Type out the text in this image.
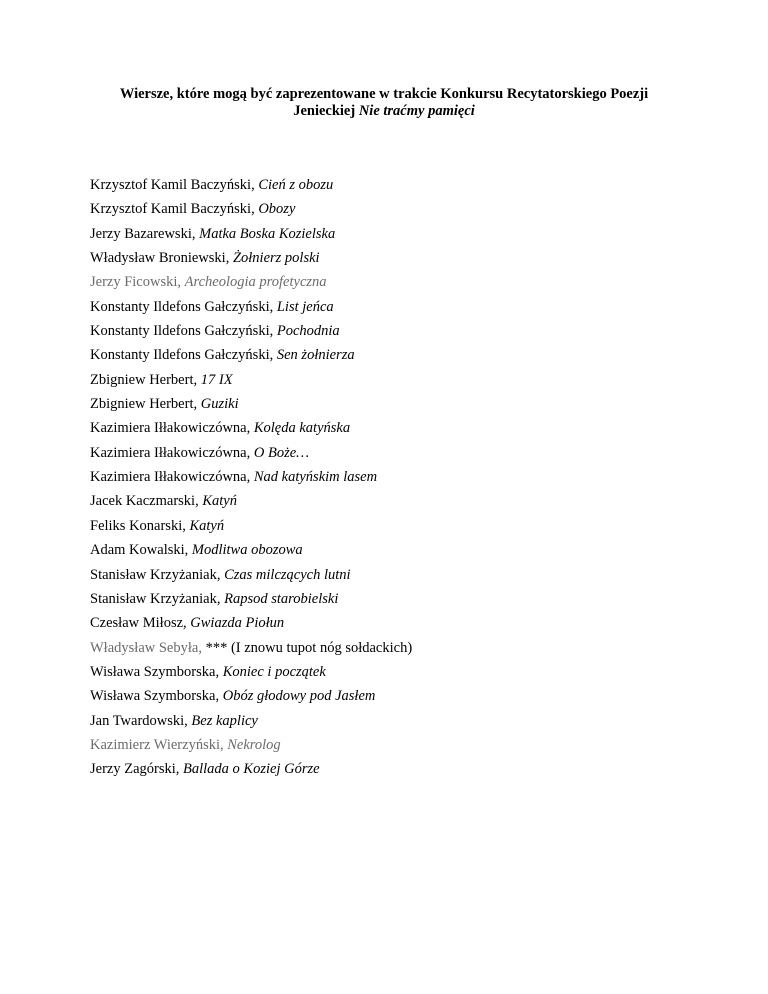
Wiersze, które mogą być zaprezentowane w trakcie Konkursu Recytatorskiego Poezji
Jenieckiej Nie traćmy pamięci
Krzysztof Kamil Baczyński, Cień z obozu
Krzysztof Kamil Baczyński, Obozy
Jerzy Bazarewski, Matka Boska Kozielska
Władysław Broniewski, Żołnierz polski
Jerzy Ficowski, Archeologia profetyczna
Konstanty Ildefons Gałczyński, List jeńca
Konstanty Ildefons Gałczyński, Pochodnia
Konstanty Ildefons Gałczyński, Sen żołnierza
Zbigniew Herbert, 17 IX
Zbigniew Herbert, Guziki
Kazimiera Iłłakowiczówna, Kolęda katyńska
Kazimiera Iłłakowiczówna, O Boże…
Kazimiera Iłłakowiczówna, Nad katyńskim lasem
Jacek Kaczmarski, Katyń
Feliks Konarski, Katyń
Adam Kowalski, Modlitwa obozowa
Stanisław Krzyżaniak, Czas milczących lutni
Stanisław Krzyżaniak, Rapsod starobielski
Czesław Miłosz, Gwiazda Piołun
Władysław Sebyła, *** (I znowu tupot nóg sołdackich)
Wisława Szymborska, Koniec i początek
Wisława Szymborska, Obóz głodowy pod Jasłem
Jan Twardowski, Bez kaplicy
Kazimierz Wierzyński, Nekrolog
Jerzy Zagórski, Ballada o Koziej Górze
